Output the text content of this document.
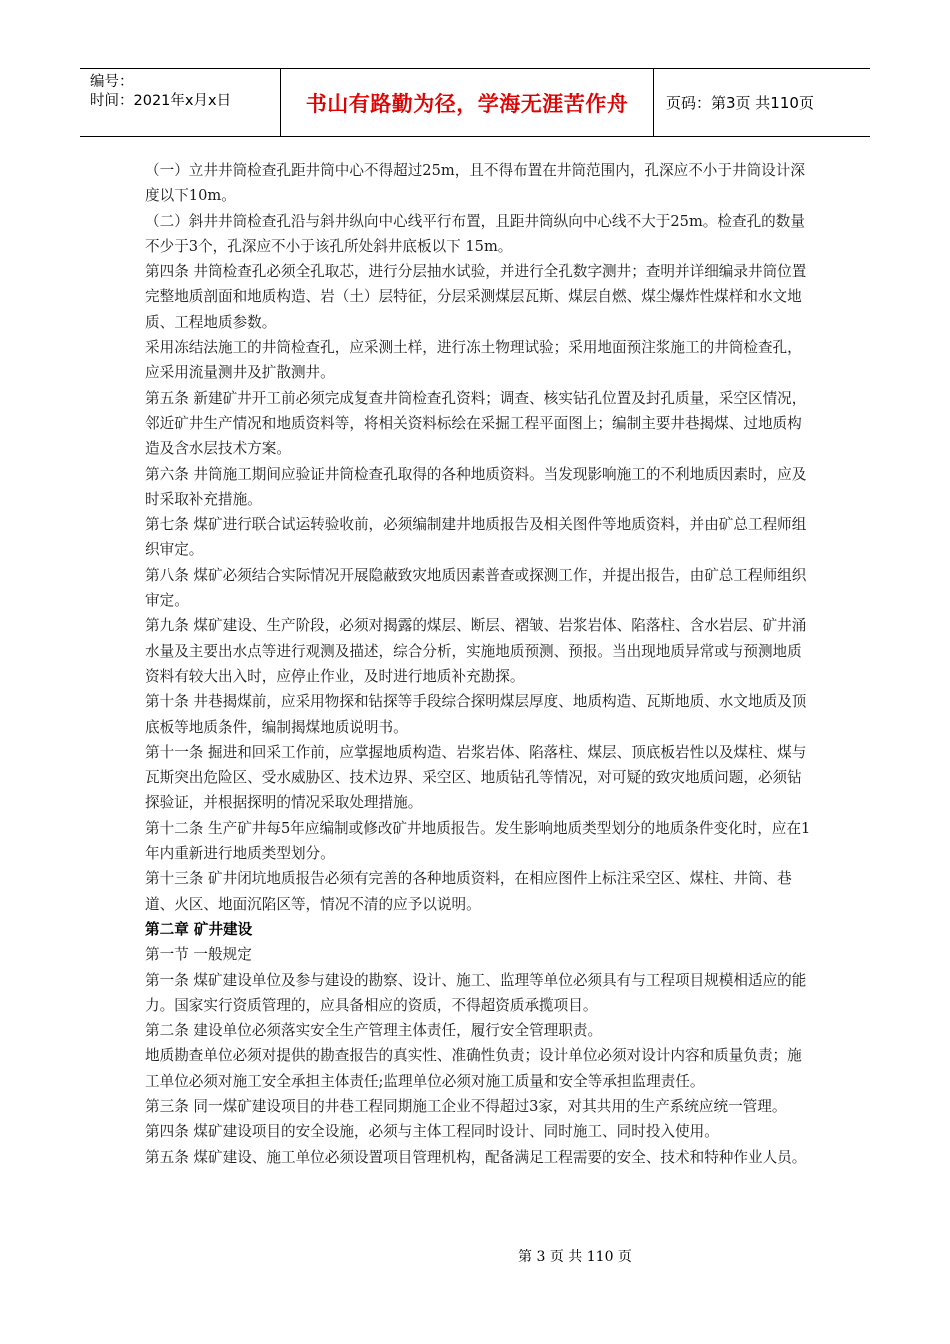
编号：
时间：2021年x月x日	书山有路勤为径，学海无涯苦作舟	页码：第3页 共110页

（一）立井井筒检查孔距井筒中心不得超过25m，且不得布置在井筒范围内，孔深应不小于井筒设计深度以下10m。

（二）斜井井筒检查孔沿与斜井纵向中心线平行布置，且距井筒纵向中心线不大于25m。检查孔的数量不少于3个，孔深应不小于该孔所处斜井底板以下 15m。

第四条 井筒检查孔必须全孔取芯，进行分层抽水试验，并进行全孔数字测井；查明并详细编录井筒位置完整地质剖面和地质构造、岩（土）层特征，分层采测煤层瓦斯、煤层自燃、煤尘爆炸性煤样和水文地质、工程地质参数。

采用冻结法施工的井筒检查孔，应采测土样，进行冻土物理试验；采用地面预注浆施工的井筒检查孔，应采用流量测井及扩散测井。

第五条 新建矿井开工前必须完成复查井筒检查孔资料；调查、核实钻孔位置及封孔质量，采空区情况，邻近矿井生产情况和地质资料等，将相关资料标绘在采掘工程平面图上；编制主要井巷揭煤、过地质构造及含水层技术方案。

第六条 井筒施工期间应验证井筒检查孔取得的各种地质资料。当发现影响施工的不利地质因素时，应及时采取补充措施。

第七条 煤矿进行联合试运转验收前，必须编制建井地质报告及相关图件等地质资料，并由矿总工程师组织审定。

第八条 煤矿必须结合实际情况开展隐蔽致灾地质因素普查或探测工作，并提出报告，由矿总工程师组织审定。

第九条 煤矿建设、生产阶段，必须对揭露的煤层、断层、褶皱、岩浆岩体、陷落柱、含水岩层、矿井涌水量及主要出水点等进行观测及描述，综合分析，实施地质预测、预报。当出现地质异常或与预测地质资料有较大出入时，应停止作业，及时进行地质补充勘探。

第十条 井巷揭煤前，应采用物探和钻探等手段综合探明煤层厚度、地质构造、瓦斯地质、水文地质及顶底板等地质条件，编制揭煤地质说明书。

第十一条 掘进和回采工作前，应掌握地质构造、岩浆岩体、陷落柱、煤层、顶底板岩性以及煤柱、煤与瓦斯突出危险区、受水威胁区、技术边界、采空区、地质钻孔等情况，对可疑的致灾地质问题，必须钻探验证，并根据探明的情况采取处理措施。

第十二条 生产矿井每5年应编制或修改矿井地质报告。发生影响地质类型划分的地质条件变化时，应在1年内重新进行地质类型划分。

第十三条 矿井闭坑地质报告必须有完善的各种地质资料，在相应图件上标注采空区、煤柱、井筒、巷道、火区、地面沉陷区等，情况不清的应予以说明。

第二章 矿井建设

第一节 一般规定

第一条 煤矿建设单位及参与建设的勘察、设计、施工、监理等单位必须具有与工程项目规模相适应的能力。国家实行资质管理的，应具备相应的资质，不得超资质承揽项目。

第二条 建设单位必须落实安全生产管理主体责任，履行安全管理职责。

地质勘查单位必须对提供的勘查报告的真实性、准确性负责；设计单位必须对设计内容和质量负责；施工单位必须对施工安全承担主体责任;监理单位必须对施工质量和安全等承担监理责任。

第三条 同一煤矿建设项目的井巷工程同期施工企业不得超过3家，对其共用的生产系统应统一管理。

第四条 煤矿建设项目的安全设施，必须与主体工程同时设计、同时施工、同时投入使用。

第五条 煤矿建设、施工单位必须设置项目管理机构，配备满足工程需要的安全、技术和特种作业人员。

第 3 页 共 110 页
